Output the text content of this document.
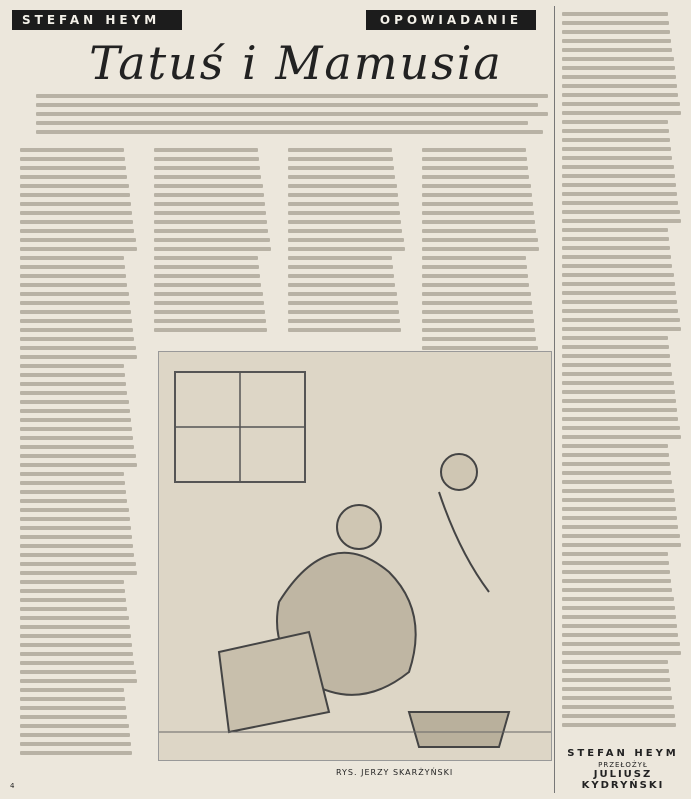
STEFAN HEYM	OPOWIADANIE
Tatuś i Mamusia
RYS. JERZY SKARŻYŃSKI
STEFAN HEYM
PRZEŁOŻYŁ
JULIUSZ KYDRYŃSKI
4
